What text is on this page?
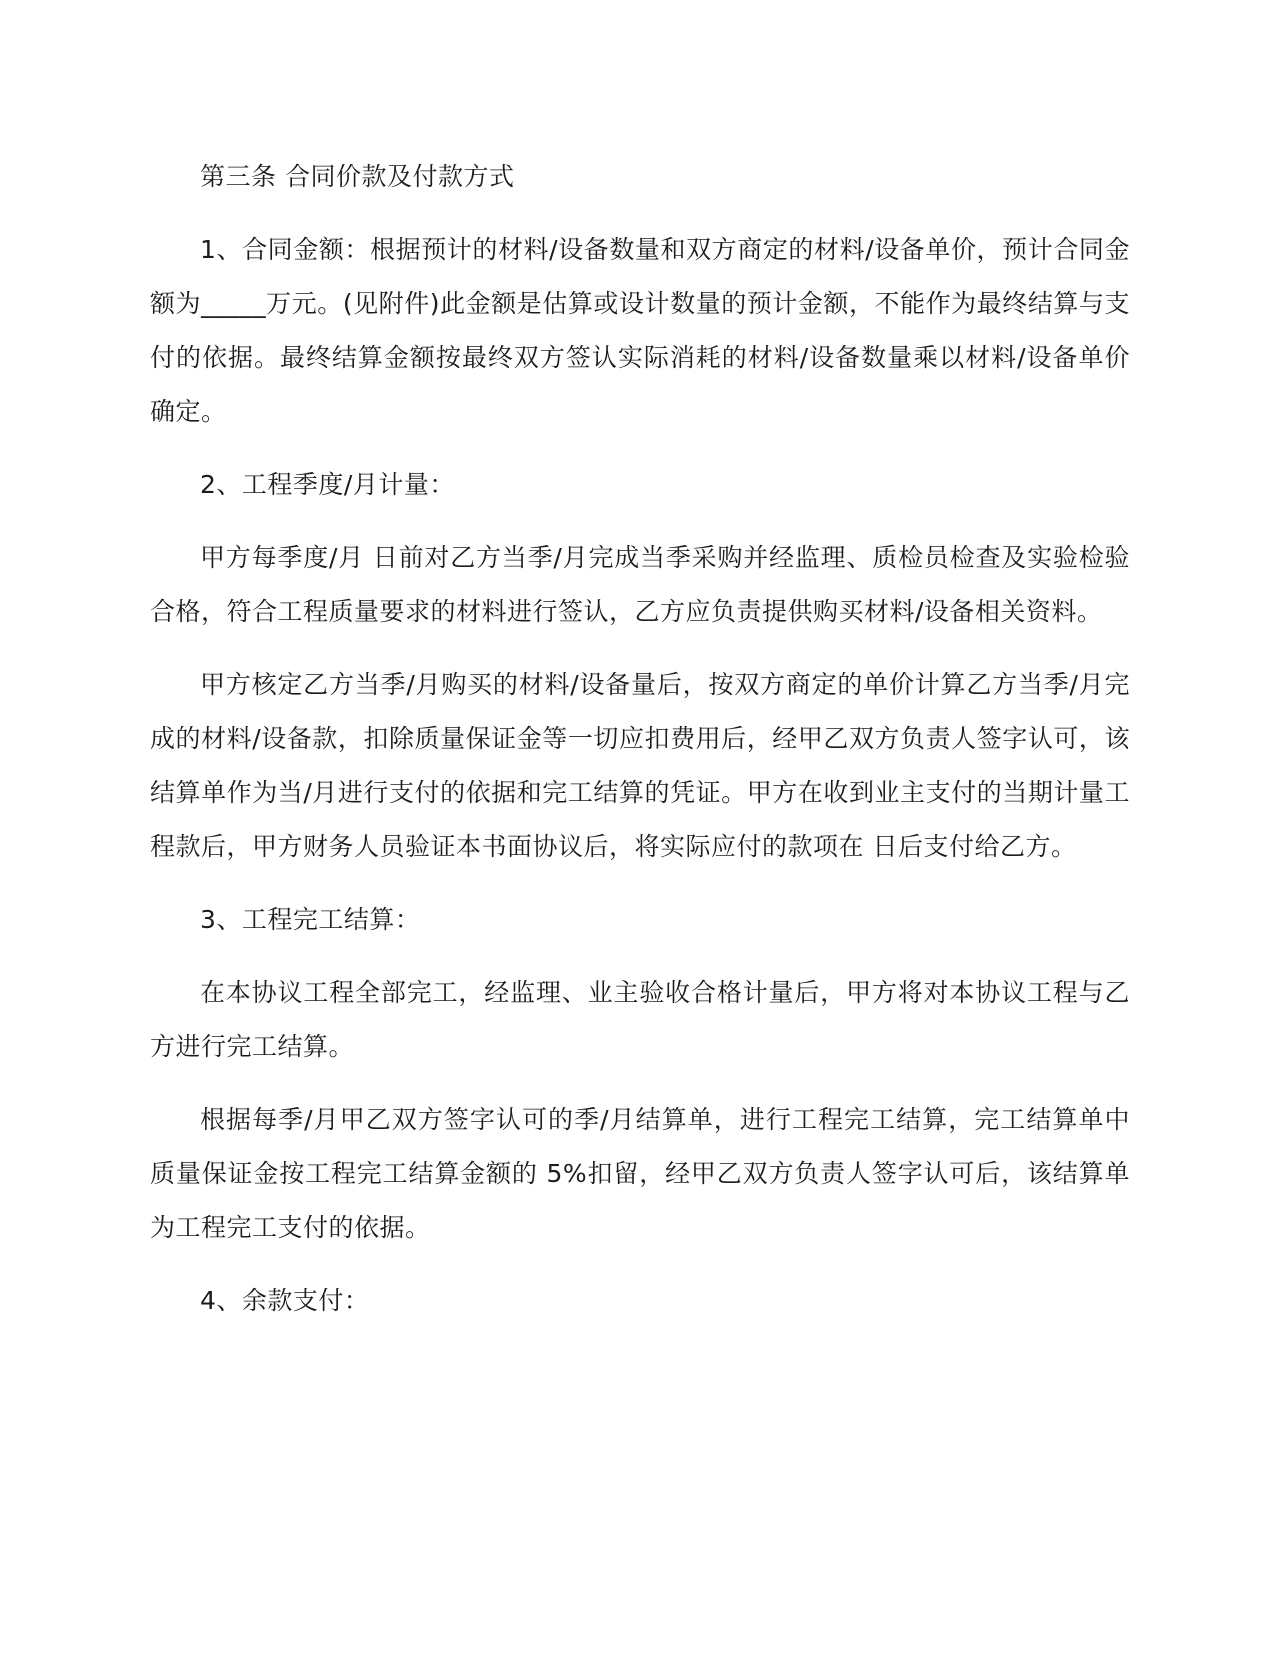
第三条 合同价款及付款方式

1、合同金额：根据预计的材料/设备数量和双方商定的材料/设备单价，预计合同金额为_____万元。(见附件)此金额是估算或设计数量的预计金额，不能作为最终结算与支付的依据。最终结算金额按最终双方签认实际消耗的材料/设备数量乘以材料/设备单价确定。

2、工程季度/月计量：

甲方每季度/月 日前对乙方当季/月完成当季采购并经监理、质检员检查及实验检验合格，符合工程质量要求的材料进行签认，乙方应负责提供购买材料/设备相关资料。

甲方核定乙方当季/月购买的材料/设备量后，按双方商定的单价计算乙方当季/月完成的材料/设备款，扣除质量保证金等一切应扣费用后，经甲乙双方负责人签字认可，该结算单作为当/月进行支付的依据和完工结算的凭证。甲方在收到业主支付的当期计量工程款后，甲方财务人员验证本书面协议后，将实际应付的款项在 日后支付给乙方。

3、工程完工结算：

在本协议工程全部完工，经监理、业主验收合格计量后，甲方将对本协议工程与乙方进行完工结算。

根据每季/月甲乙双方签字认可的季/月结算单，进行工程完工结算，完工结算单中质量保证金按工程完工结算金额的 5%扣留，经甲乙双方负责人签字认可后，该结算单为工程完工支付的依据。

4、余款支付：
